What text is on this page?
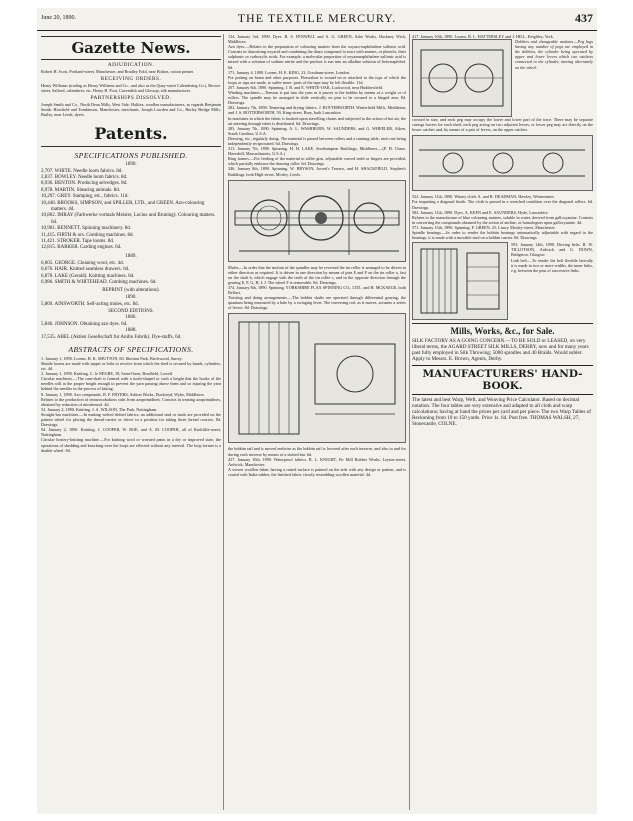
June 20, 1890.	THE TEXTILE MERCURY.	437
Gazette News.
ADJUDICATION.

Robert H. Scott, Portland-street, Manchester, and Bradley Fold, near Bolton, cotton printer.

RECEIVING ORDERS.

Henry Williams (trading as Henry Williams and Co., and also as the Quay-street Calendering Co.), Brown-street, Salford, calenderer, etc. Henry B. Foot, Cavendish and Glossop, silk manufacturer.

PARTNERSHIPS DISSOLVED.

Joseph Smith and Co., North Dean Mills, West Vale, Halifax, woollen manufacturers, as regards Benjamin Smith. Horsfield and Tomkinson, Manchester, merchants. Joseph Lowden and Co., Burley Bridge Mills, Burley, near Leeds, dyers.

Patents.
SPECIFICATIONS PUBLISHED.
1890.
2,707. WHITE. Needle loom fabrics. 8d.
2,837. BOWLEY. Needle loom fabrics. 8d.
8,936. BENTON. Producing selvedges. 8d.
8,978. MARTIN. Shearing animals. 8d.
10,297. GREY. Stamping, etc., fabrics. 11d.
10,448. BROOKS, SIMPSON, and SPILLER, LTD., and GREEN. Azo-colouring matters. 4d.
10,802. IMRAY (Farbwerke vormals Meister, Lucius und Bruning). Colouring matters. 6d.
10,901. BENNETT. Spinning machinery. 8d.
11,415. FIRTH & ors. Combing machines. 8d.
11,421. STROKER. Tape looms. 8d.
12,815. BARKER. Carding engines. 6d.
1889.
6,605. GEORGE. Cleaning wool, etc. 4d.
6,676. HAIR. Knitted seamless drawers. 6d.
6,870. LAKE (Gerald). Knitting machines. 6d.
6,986. SMITH & WHITEHEAD. Combing machines. 6d.
REPRINT (with alterations).
1890.
5,869. AINSWORTH. Self-acting mules, etc. 8d.
SECOND EDITIONS.
1886.
5,846. JOHNSON. Obtaining azo dyes. 6d.
1888.
17,535. ABEL (Aktien Gesellschaft fur Anilin Fabrik). Dye-stuffs. 6d.
ABSTRACTS OF SPECIFICATIONS.

1. January 1, 1890. Looms. H. K. SHUTTON, 60, Ilkeston Park, Birchwood, Surrey.

Shuttle looms are made with tappet or hobs to revolve from which the shed is secured by bands, cylinders, etc. 4d.

2. January 1, 1890. Knitting. C. le NEGRE, 18, Saint-Ouen, Bradfield, Lowell.

Circular machines.—The cam-shaft is formed with a tooth-shaped or such a height that the hooks of the needles will at the proper height enough to prevent the yarn passing above them and so injuring the yarn behind the needles in the process of kitting.

8. January 1, 1890. Azo compounds. R. F. FRYERS, Ashton Works, Duckroyd, Wyke, Middleton.

Relates to the production of tetrazocobaltous salts from azoprimidines. Consists in treating azoprimidines, obtained by reduction of nitrobenzol. 4d.

52. January 2, 1890. Knitting. J. A. WILSON, The Park, Nottingham.

Straight-bar machines.—In making welted ribbed fabrics, an additional stud or studs are provided on the pattern wheel for placing the thread-carrier or driver in a position for taking three thread courses. 8d. Drawings.

94. January 2, 1890. Knitting. J. COOPER, W. ROE, and A. M. COOPER, all of Radcliffe-street, Nottingham.

Circular hosiery-knitting machine.—For knitting wool or worsted pants in a dry or improved state, the operations of shedding and knocking-over the loops are effected without any interval. The loop former is a double wheel. 8d.

134. January 3rd, 1890. Dyes. R. S. FENWELL and A. G. GREEN, Ashe Works, Hackney Wick, Middlesex.

Azo dyes.—Relates to the preparation of colouring matters from the oxyazo-naphthalene sulfonic acid. Consists in diazotising oxyacid and combining the diazo compound to react with amines, or phenols, their sulphonic or carboxylic acids. For example, a molecular proportion of oxyazonaphthalene sulfonic acid is mixed with a solution of sodium nitrite and the product is run into an alkaline solution of beta-naphthol. 6d.

171. January 4, 1890. Looms. H. E. KING, 23, Goodram-street, London.

For putting on beam and other purposes. Horseshoe is wound on or attached to the tops of which the loops or taps are made, to suffer more: parts of the tape may be left flexible. 11d.

207. January 6th, 1890. Spinning. J. B. and E. WHITE-OAK, Lockwood, near Huddersfield.

Winding machines.—Tension is put into the yarn as it passes to the bobbin by means of a weight or of rollers. The spindle may be arranged in slide vertically on pins to be secured to a hinged arm. 8d. Drawings.

282. January 7th, 1890. Tentering and drying fabrics. J. BOTTERWORTH, Winterfield Mills, Middleton, and J. S. BOTTERWORTH, 59, King-street, Bury, both Lancashire.

In machines in which the fabric is hooked upon travelling chains and subjected to the action of hot air, the air entering through tubes is distributed. 6d. Drawings.

283. January 7th, 1890. Spinning. A. L. WASHBURN, W. SAUNDERS, and G. WHEELER, Aiken, South Carolina, U.S.A.

Drawing, etc., regularly doing. The material is passed between rollers and a running table, each one being independently reciprocated. 6d. Drawings.

313. January 7th, 1890. Spinning. H. H. LAKE, Southampton Buildings, Middlesex.—(P. H. Chase, Haverhill, Massachusetts, U.S.A.)

Ring frames.—For feeding of the material in roller gins, adjustable curved teeth or fingers are provided, which partially embrace the drawing roller. 6d. Drawings.

346. January 8th, 1890. Spinning. W. BRYSON, Jowett's Terrace, and H. SHACKFIELD, Stephen's Buildings, both High-street, Morley, Leeds.

Mules.—In order that the motion of the spindles may be reversed the tin roller is arranged to be driven in either direction as required. It is driven in one direction by means of pins E and F on the tin roller a, fast on the shaft b, which engage with the teeth of the tin roller c, and in the opposite direction through the gearing E, F, G, H, I, J. The wheel F is removable. 8d. Drawings.

374. January 8th, 1890. Spinning. YORKSHIRE FLAX SPINNING CO., LTD., and H. MCKAEGE, both Belfast.

Twisting and doing arrangements.—The bobbin shafts are operated through differential gearing, the quantum being measured by a bale by a swinging lever. The traversing rod, as it moves, actuates a series of levers. 8d. Drawings.

the bobbin rail and is moved endwise as the bobbin rail is lowered after each traverse, and also to and fro during each traverse by means of a slotted bar. 6d.

437. January 10th, 1890. Waterproof fabrics. R. L. KNIGHT, Fir Mill Rubber Works, Leyton-street, Ardwick, Manchester.

A woven woollen fabric having a raised surface is painted on the side with any design or pattern, and is coated with India-rubber, the finished fabric closely resembling woollen material. 4d.

417. January 10th, 1890. Looms. R. L. HATTERSLEY and J. HILL, Keighley, York.

Dobbies and changeable motions.—Peg lags having any number of pegs are employed in the dobbies, the cylinder being operated by upper and lower levers which two ratchets connected to the cylinder, moving alternately on the wheel.

crossed in size, and each peg may occupy the lower and lower part of the trace. There may be separate casings lowers for each shaft, each peg acting on two adjacent levers, or lower peg may act directly on the lower catches and, by means of a pair of levers, on the upper catches.

522. January 11th, 1890. Witney cloth. A. and R. DEADMAN, Hawley, Westminster.

For imparting a diagonal finish. The cloth is passed in a stretched condition over the diagonal rollers. 6d. Drawings.

582. January 11th, 1890. Dyes. A. KEEN and E. SAUNDERS, Hyde, Lancashire.

Relates to the manufacture of blue colouring matters, soluble in water, derived from gallocyanine. Consists in converting the compounds obtained by the action of aniline, or homologues upon gallocyanine. 4d.

571. January 13th, 1890. Spinning. F. GREEN, 25, Linwy Mosley-street, Manchester.

Spindle bearings.—In order to render the bobbin bearings automatically adjustable with regard to the bearings, it is made with a movable stud on a bobbin carrier. 8d. Drawings.

593. January 14th, 1890. Driving belts. R. W. TILLOTSON, Ardwick and G. DOWN, Bridgeton, Glasgow.

Link belt.—To render the belt flexible laterally it is made in two or more widths, the inner links, e.g. between the pins of successive links.

Mills, Works, &c., for Sale.

SILK FACTORY AS A GOING CONCERN.—TO BE SOLD or LEASED, on very liberal terms, the AGARD STREET SILK MILLS, DERBY, now and for many years past fully employed in Silk Throwing; 5000 spindles and 40 Braids. Would sublet. Apply to Messrs. E. Brown, Agents, Derby.

MANUFACTURERS' HAND-BOOK.

The latest and best Warp, Weft, and Weaving Price Calculator. Based on decimal notation. The four tables are very extensive and adapted to all cloth and warp calculations; having at hand the prices per yard and per piece. The two Warp Tables of Reckoning from 10 to 150 yards. Price 1s. 6d. Post free. THOMAS WALSH, 27, Stonecastle, COLNE.
